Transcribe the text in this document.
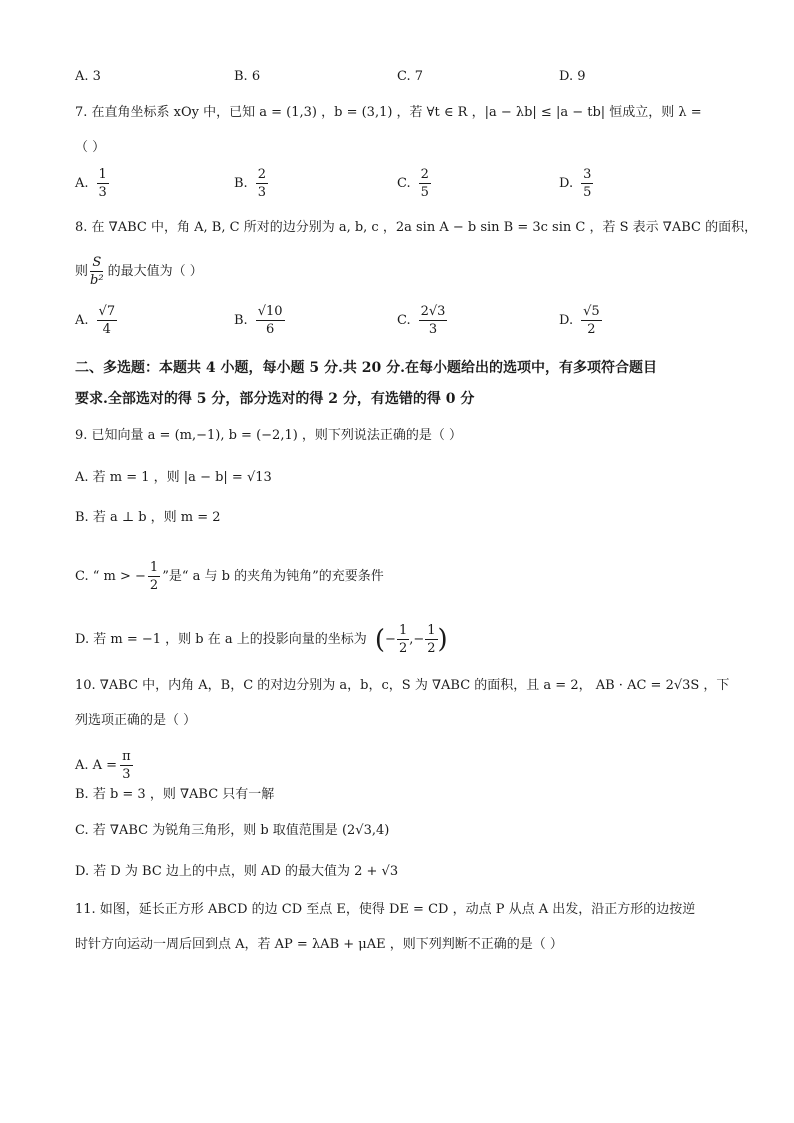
A. 3	B. 6	C. 7	D. 9
7. 在直角坐标系 xOy 中，已知 a = (1,3) ，b = (3,1) ，若 ∀t ∈ R ，|a − λb| ≤ |a − tb| 恒成立，则 λ =
（ ）
A. $\frac{1}{3}$	B. $\frac{2}{3}$	C. $\frac{2}{5}$	D. $\frac{3}{5}$
8. 在 ∇ABC 中，角 A, B, C 所对的边分别为 a, b, c ，2a sin A − b sin B = 3c sin C ，若 S 表示 ∇ABC 的面积，
则 $\frac{S}{\text{b²}}$ 的最大值为（ ）
A. $\frac{√7}{4}$	B. $\frac{√10}{6}$	C. $\frac{2√3}{3}$	D. $\frac{√5}{2}$
二、多选题：本题共 4 小题，每小题 5 分.共 20 分.在每小题给出的选项中，有多项符合题目
要求.全部选对的得 5 分，部分选对的得 2 分，有选错的得 0 分
9. 已知向量 a = (m,−1), b = (−2,1) ，则下列说法正确的是（ ）
A. 若 m = 1 ，则 |a − b| = √13
B. 若 a ⊥ b ，则 m = 2
C. “ m > − $\frac{1}{2}$ ”是“ a 与 b 的夹角为钝角”的充要条件
D. 若 m = −1 ，则 b 在 a 上的投影向量的坐标为 (− $\frac{1}{2}$ ,− $\frac{1}{2}$ )
10. ∇ABC 中，内角 A，B，C 的对边分别为 a，b，c，S 为 ∇ABC 的面积，且 a = 2， AB · AC = 2√3S ，下
列选项正确的是（ ）
A. $A = \frac{\pi}{3}$
B. 若 b = 3 ，则 ∇ABC 只有一解
C. 若 ∇ABC 为锐角三角形，则 b 取值范围是 (2√3,4)
D. 若 D 为 BC 边上的中点，则 AD 的最大值为 2 + √3
11. 如图，延长正方形 ABCD 的边 CD 至点 E，使得 DE = CD ，动点 P 从点 A 出发，沿正方形的边按逆
时针方向运动一周后回到点 A，若 AP = λAB + μAE ，则下列判断不正确的是（ ）
